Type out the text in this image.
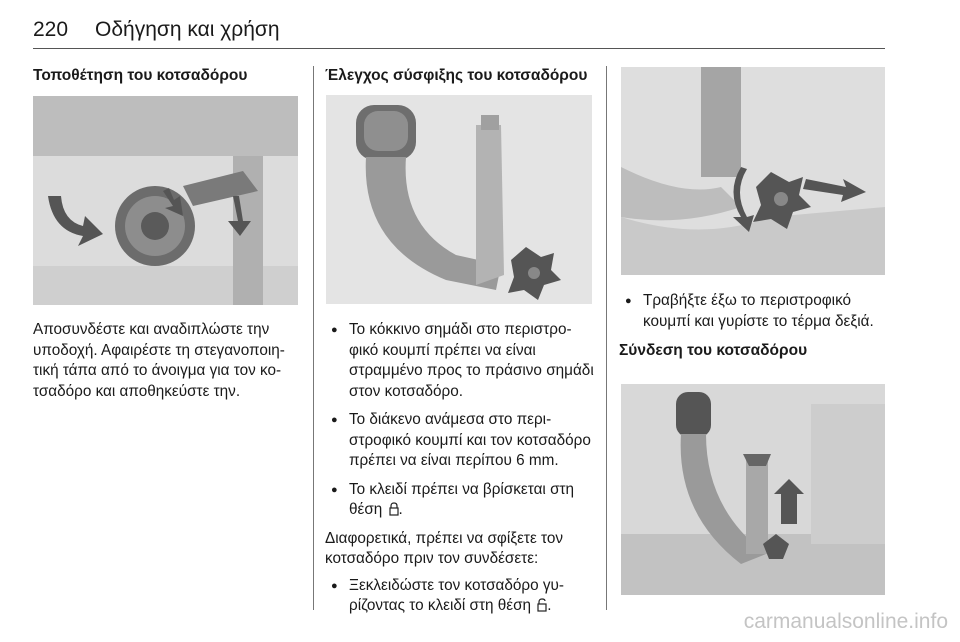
220 Οδήγηση και χρήση
Τοποθέτηση του κοτσαδόρου

Αποσυνδέστε και αναδιπλώστε την υποδοχή. Αφαιρέστε τη στεγανοποιητική τάπα από το άνοιγμα για τον κοτσαδόρο και αποθηκεύστε την.

Έλεγχος σύσφιξης του κοτσαδόρου

● Το κόκκινο σημάδι στο περιστροφικό κουμπί πρέπει να είναι στραμμένο προς το πράσινο σημάδι στον κοτσαδόρο.

● Το διάκενο ανάμεσα στο περιστροφικό κουμπί και τον κοτσαδόρο πρέπει να είναι περίπου 6 mm.

● Το κλειδί πρέπει να βρίσκεται στη θέση .

Διαφορετικά, πρέπει να σφίξετε τον κοτσαδόρο πριν τον συνδέσετε:

● Ξεκλειδώστε τον κοτσαδόρο γυρίζοντας το κλειδί στη θέση .

● Τραβήξτε έξω το περιστροφικό κουμπί και γυρίστε το τέρμα δεξιά.

Σύνδεση του κοτσαδόρου
carmanualsonline.info
